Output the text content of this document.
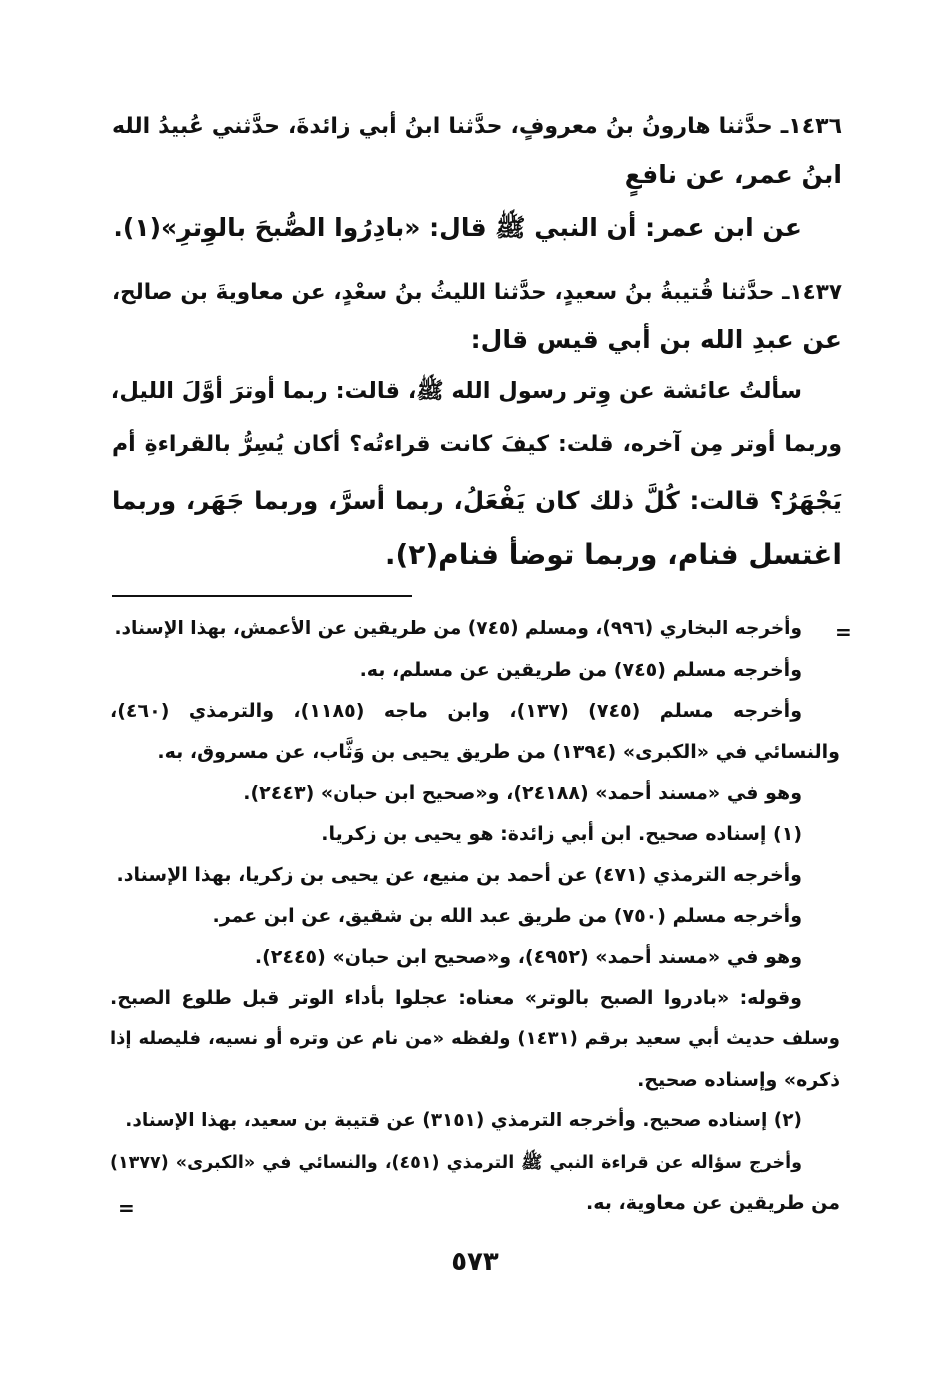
١٤٣٦ـ حدَّثنا هارونُ بنُ معروفٍ، حدَّثنا ابنُ أبي زائدةَ، حدَّثني عُبيدُ الله
ابنُ عمر، عن نافعٍ
عن ابن عمر: أن النبي ﷺ قال: «بادِرُوا الصُّبحَ بالوِترِ»(١).
١٤٣٧ـ حدَّثنا قُتيبةُ بنُ سعيدٍ، حدَّثنا الليثُ بنُ سعْدٍ، عن معاويةَ بن صالح،
عن عبدِ الله بن أبي قيس قال:
سألتُ عائشة عن وِتر رسول الله ﷺ، قالت: ربما أوترَ أوَّلَ الليل،
وربما أوتر مِن آخره، قلت: كيفَ كانت قراءتُه؟ أكان يُسِرُّ بالقراءةِ أم
يَجْهَرُ؟ قالت: كُلَّ ذلك كان يَفْعَلُ، ربما أسرَّ، وربما جَهَر، وربما
اغتسل فنام، وربما توضأ فنام(٢).
=
وأخرجه البخاري (٩٩٦)، ومسلم (٧٤٥) من طريقين عن الأعمش، بهذا الإسناد.
وأخرجه مسلم (٧٤٥) من طريقين عن مسلم، به.
وأخرجه مسلم (٧٤٥) (١٣٧)، وابن ماجه (١١٨٥)، والترمذي (٤٦٠)،
والنسائي في «الكبرى» (١٣٩٤) من طريق يحيى بن وَثَّاب، عن مسروق، به.
وهو في «مسند أحمد» (٢٤١٨٨)، و«صحيح ابن حبان» (٢٤٤٣).
(١) إسناده صحيح. ابن أبي زائدة: هو يحيى بن زكريا.
وأخرجه الترمذي (٤٧١) عن أحمد بن منيع، عن يحيى بن زكريا، بهذا الإسناد.
وأخرجه مسلم (٧٥٠) من طريق عبد الله بن شقيق، عن ابن عمر.
وهو في «مسند أحمد» (٤٩٥٢)، و«صحيح ابن حبان» (٢٤٤٥).
وقوله: «بادروا الصبح بالوتر» معناه: عجلوا بأداء الوتر قبل طلوع الصبح.
وسلف حديث أبي سعيد برقم (١٤٣١) ولفظه «من نام عن وتره أو نسيه، فليصله إذا
ذكره» وإسناده صحيح.
(٢) إسناده صحيح. وأخرجه الترمذي (٣١٥١) عن قتيبة بن سعيد، بهذا الإسناد.
وأخرج سؤاله عن قراءة النبي ﷺ الترمذي (٤٥١)، والنسائي في «الكبرى» (١٣٧٧)
من طريقين عن معاوية، به.
=
٥٧٣
